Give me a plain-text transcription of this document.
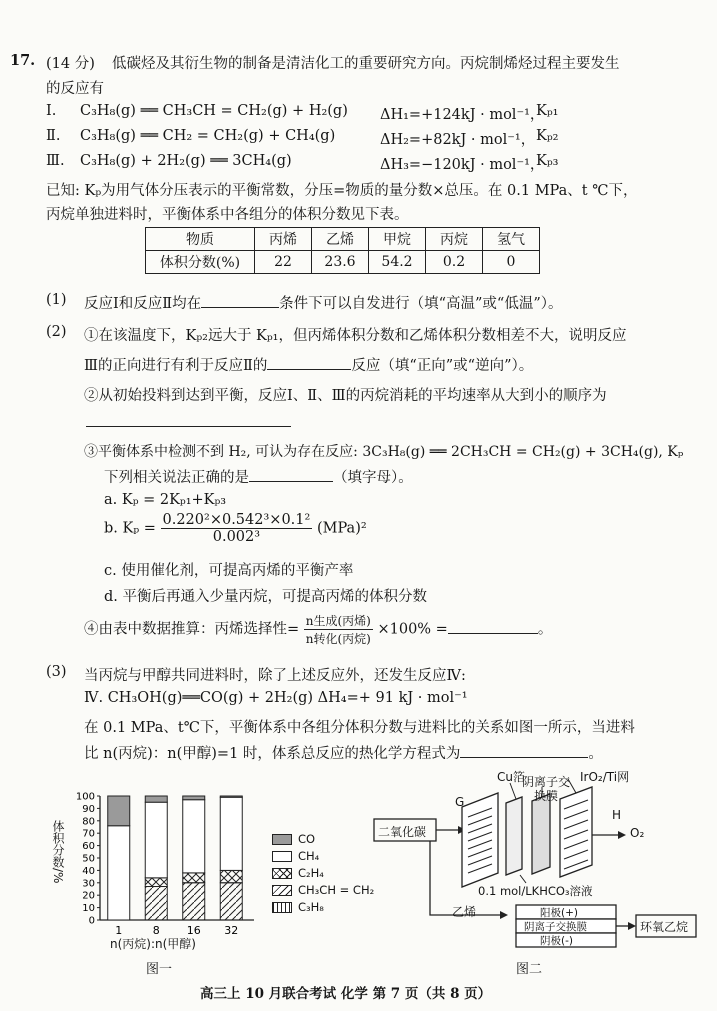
17. (14 分) 低碳烃及其衍生物的制备是清洁化工的重要研究方向。丙烷制烯烃过程主要发生
的反应有
Ⅰ. C₃H₈(g) ══ CH₃CH = CH₂(g) + H₂(g) ΔH₁=+124kJ · mol⁻¹，
Kₚ₁
Ⅱ. C₃H₈(g) ══ CH₂ = CH₂(g) + CH₄(g)	ΔH₂=+82kJ · mol⁻¹， Kₚ₂
Ⅲ. C₃H₈(g) + 2H₂(g) ══ 3CH₄(g)	ΔH₃=−120kJ · mol⁻¹，
Kₚ₃
已知: Kₚ为用气体分压表示的平衡常数，分压=物质的量分数×总压。在 0.1 MPa、t ℃下，
丙烷单独进料时，平衡体系中各组分的体积分数见下表。
物质	丙烯	乙烯	甲烷	丙烷	氢气
体积分数(%)	22	23.6	54.2	0.2	0
(1) 反应Ⅰ和反应Ⅱ均在	条件下可以自发进行（填“高温”或“低温”）。
(2) ①在该温度下，Kₚ₂远大于 Kₚ₁，但丙烯体积分数和乙烯体积分数相差不大，说明反应
Ⅲ的正向进行有利于反应Ⅱ的	反应（填“正向”或“逆向”）。
②从初始投料到达到平衡，反应Ⅰ、Ⅱ、Ⅲ的丙烷消耗的平均速率从大到小的顺序为
③平衡体系中检测不到 H₂, 可认为存在反应: 3C₃H₈(g) ══ 2CH₃CH = CH₂(g) + 3CH₄(g), Kₚ
下列相关说法正确的是	（填字母）。
a. Kₚ = 2Kₚ₁+Kₚ₃
b. $K_p = \frac{\text{0.220²×0.542³×0.1²}}{\text{0.002³}} (MPa)^2$
c. 使用催化剂，可提高丙烯的平衡产率
d. 平衡后再通入少量丙烷，可提高丙烯的体积分数
④由表中数据推算：丙烯选择性= $\frac{\text{n生成(丙烯)}}{\text{n转化(丙烷)}} \times 100\%$ =	。
(3) 当丙烷与甲醇共同进料时，除了上述反应外，还发生反应Ⅳ:
Ⅳ. CH₃OH(g)══CO(g) + 2H₂(g) ΔH₄=+ 91 kJ · mol⁻¹
在 0.1 MPa、t℃下，平衡体系中各组分体积分数与进料比的关系如图一所示，当进料
比 n(丙烷)：n(甲醇)=1 时，体系总反应的热化学方程式为	。
0
10
20
30
40
50
60
70
80
90
100
1	8 16 32
体积分数/%
n(丙烷):n(甲醇)
图一
CO
CH₄
C₂H₄
CH₃CH = CH₂
C₃H₈
二氧化碳
Cu箔
阴离子交换膜
IrO₂/Ti网
G
H
O₂
0.1 mol/LKHCO₃溶液
乙烯	阳极(+)
阴离子交换膜
阴极(-)
环氧乙烷
图二
高三上 10 月联合考试 化学 第 7 页（共 8 页）
